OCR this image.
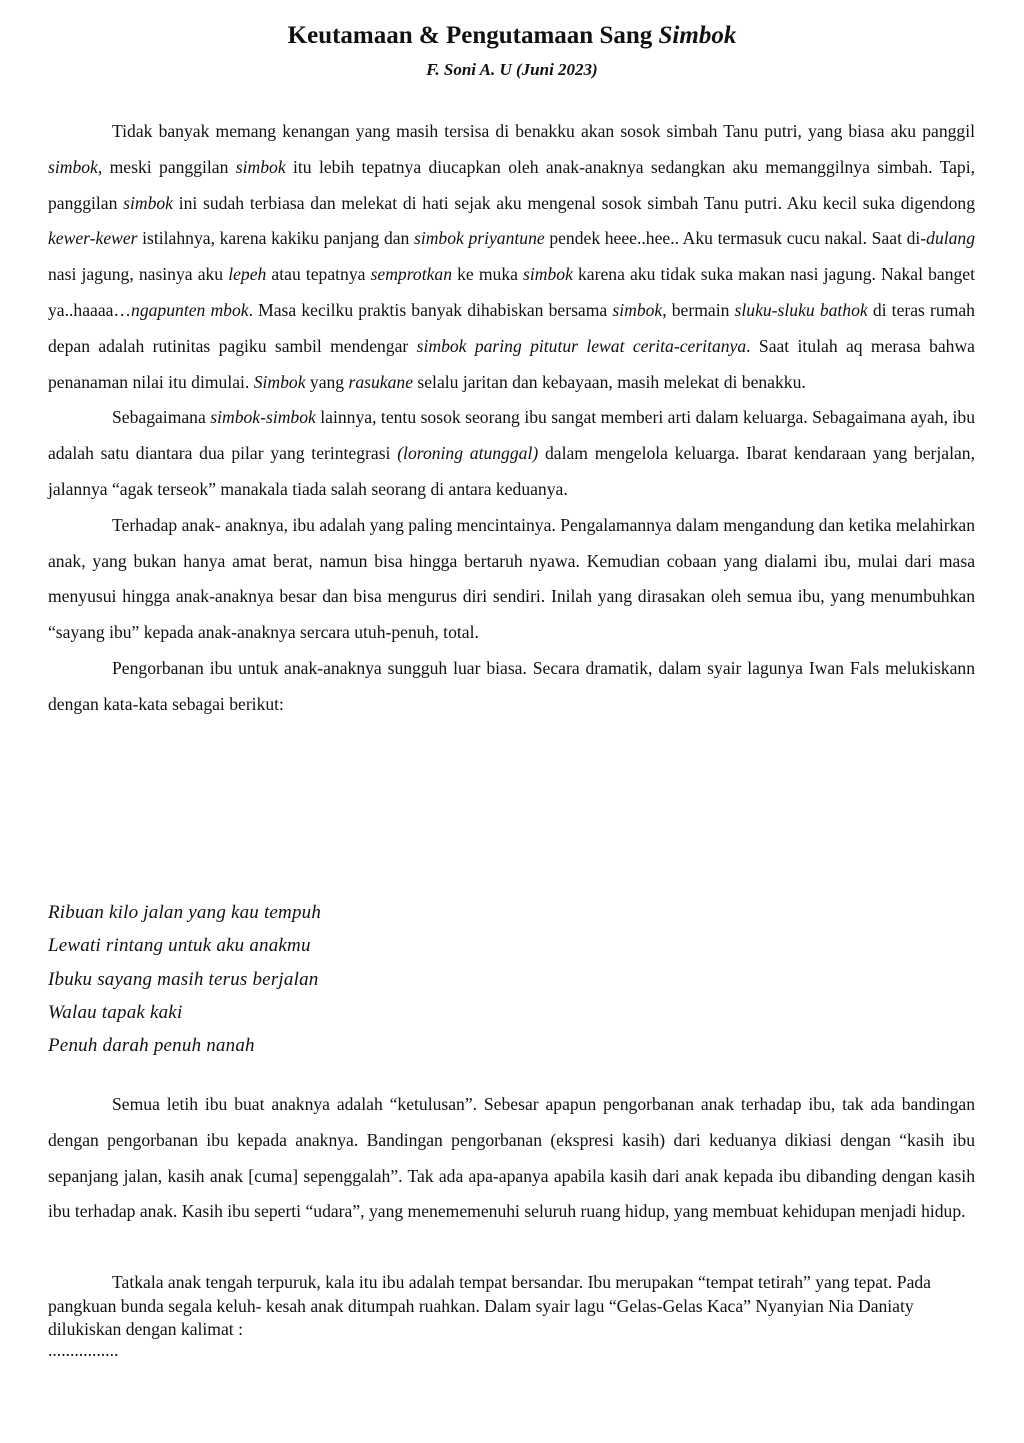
Keutamaan & Pengutamaan Sang Simbok
F. Soni A. U (Juni 2023)

Tidak banyak memang kenangan yang masih tersisa di benakku akan sosok simbah Tanu putri, yang biasa aku panggil simbok, meski panggilan simbok itu lebih tepatnya diucapkan oleh anak-anaknya sedangkan aku memanggilnya simbah. Tapi, panggilan simbok ini sudah terbiasa dan melekat di hati sejak aku mengenal sosok simbah Tanu putri. Aku kecil suka digendong kewer-kewer istilahnya, karena kakiku panjang dan simbok priyantune pendek heee..hee.. Aku termasuk cucu nakal. Saat di-dulang nasi jagung, nasinya aku lepeh atau tepatnya semprotkan ke muka simbok karena aku tidak suka makan nasi jagung. Nakal banget ya..haaaa…ngapunten mbok. Masa kecilku praktis banyak dihabiskan bersama simbok, bermain sluku-sluku bathok di teras rumah depan adalah rutinitas pagiku sambil mendengar simbok paring pitutur lewat cerita-ceritanya. Saat itulah aq merasa bahwa penanaman nilai itu dimulai. Simbok yang rasukane selalu jaritan dan kebayaan, masih melekat di benakku.

Sebagaimana simbok-simbok lainnya, tentu sosok seorang ibu sangat memberi arti dalam keluarga. Sebagaimana ayah, ibu adalah satu diantara dua pilar yang terintegrasi (loroning atunggal) dalam mengelola keluarga. Ibarat kendaraan yang berjalan, jalannya “agak terseok” manakala tiada salah seorang di antara keduanya.

Terhadap anak- anaknya, ibu adalah yang paling mencintainya. Pengalamannya dalam mengandung dan ketika melahirkan anak, yang bukan hanya amat berat, namun bisa hingga bertaruh nyawa. Kemudian cobaan yang dialami ibu, mulai dari masa menyusui hingga anak-anaknya besar dan bisa mengurus diri sendiri. Inilah yang dirasakan oleh semua ibu, yang menumbuhkan “sayang ibu” kepada anak-anaknya sercara utuh-penuh, total.

Pengorbanan ibu untuk anak-anaknya sungguh luar biasa. Secara dramatik, dalam syair lagunya Iwan Fals melukiskann dengan kata-kata sebagai berikut:

Ribuan kilo jalan yang kau tempuh
Lewati rintang untuk aku anakmu
Ibuku sayang masih terus berjalan
Walau tapak kaki
Penuh darah penuh nanah

Semua letih ibu buat anaknya adalah “ketulusan”. Sebesar apapun pengorbanan anak terhadap ibu, tak ada bandingan dengan pengorbanan ibu kepada anaknya. Bandingan pengorbanan (ekspresi kasih) dari keduanya dikiasi dengan “kasih ibu sepanjang jalan, kasih anak [cuma] sepenggalah”. Tak ada apa-apanya apabila kasih dari anak kepada ibu dibanding dengan kasih ibu terhadap anak. Kasih ibu seperti “udara”, yang menememenuhi seluruh ruang hidup, yang membuat kehidupan menjadi hidup.

Tatkala anak tengah terpuruk, kala itu ibu adalah tempat bersandar. Ibu merupakan “tempat tetirah” yang tepat. Pada pangkuan bunda segala keluh- kesah anak ditumpah ruahkan. Dalam syair lagu “Gelas-Gelas Kaca” Nyanyian Nia Daniaty dilukiskan dengan kalimat :
................
